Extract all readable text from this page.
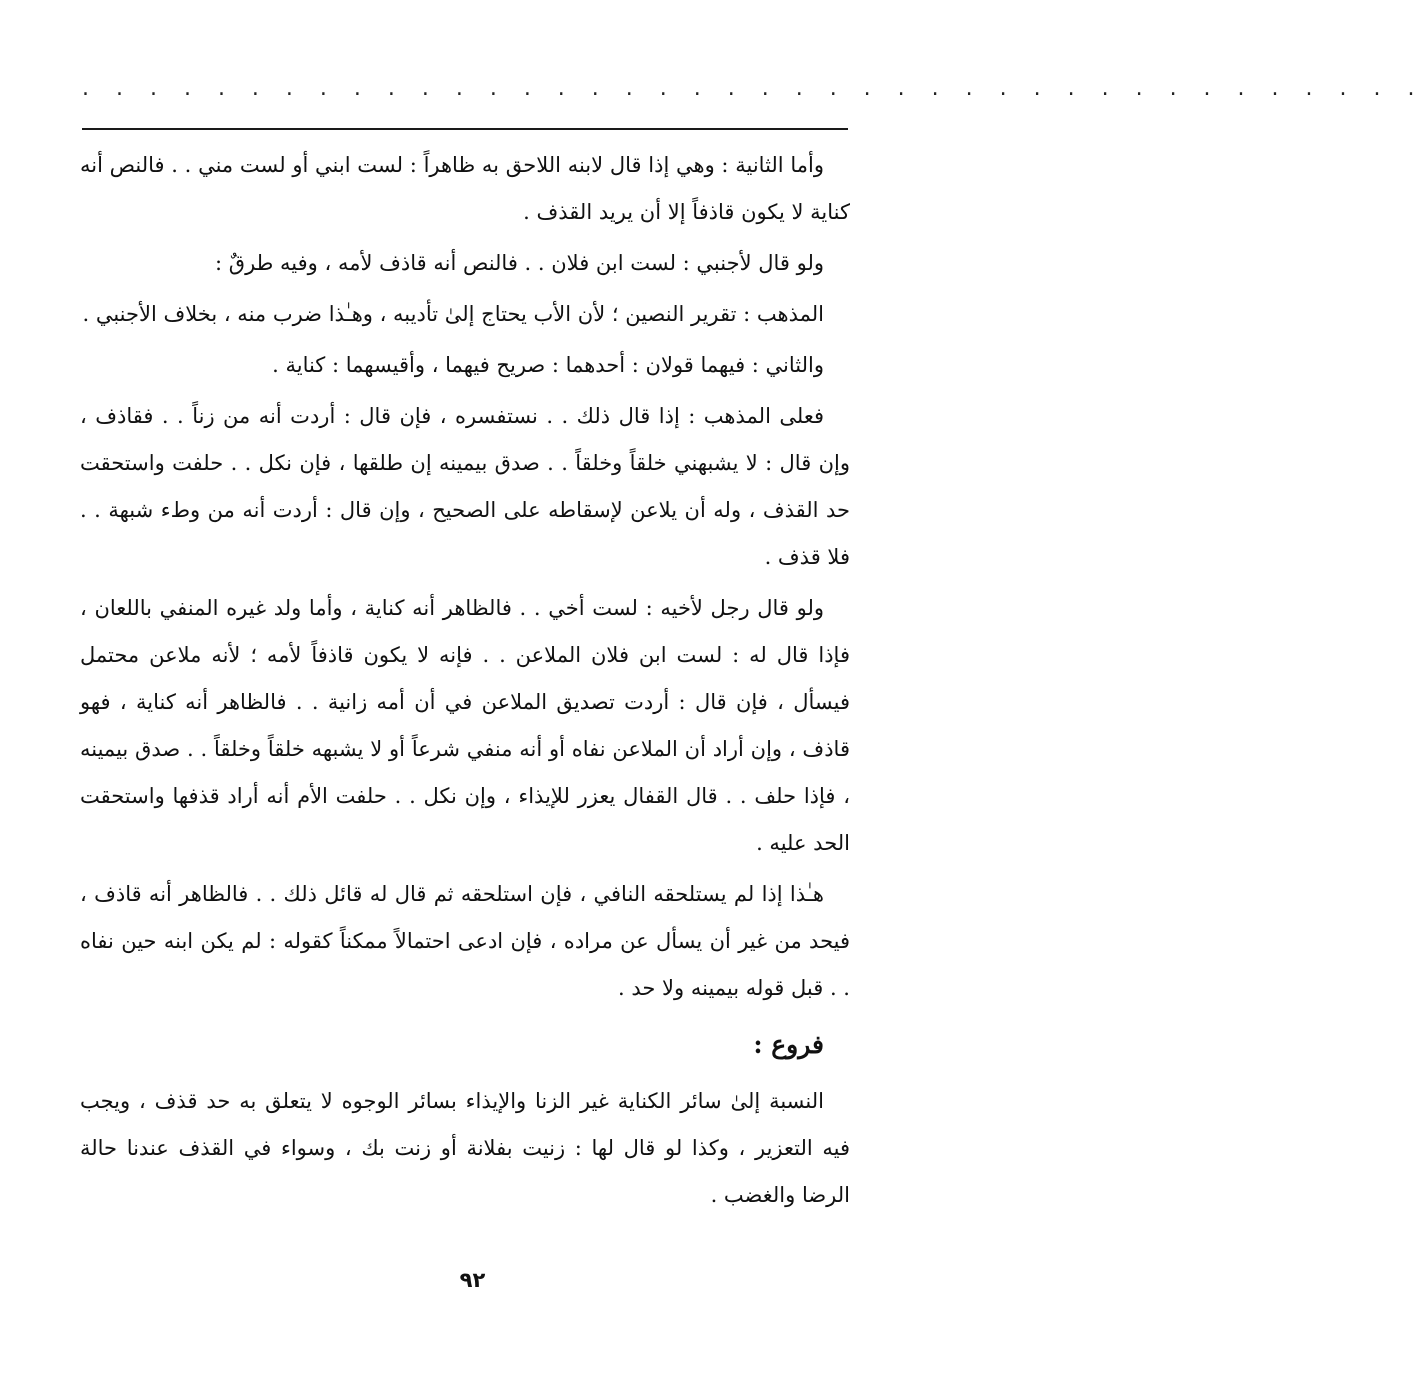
. . . . . . . . . . . . . . . . . . . . . . . . . . . . . . . . . . . . . . . .

وأما الثانية : وهي إذا قال لابنه اللاحق به ظاهراً : لست ابني أو لست مني . . فالنص أنه كناية لا يكون قاذفاً إلا أن يريد القذف .

ولو قال لأجنبي : لست ابن فلان . . فالنص أنه قاذف لأمه ، وفيه طرقٌ :

المذهب : تقرير النصين ؛ لأن الأب يحتاج إلىٰ تأديبه ، وهـٰذا ضرب منه ، بخلاف الأجنبي .

والثاني : فيهما قولان : أحدهما : صريح فيهما ، وأقيسهما : كناية .

فعلى المذهب : إذا قال ذلك . . نستفسره ، فإن قال : أردت أنه من زناً . . فقاذف ، وإن قال : لا يشبهني خلقاً وخلقاً . . صدق بيمينه إن طلقها ، فإن نكل . . حلفت واستحقت حد القذف ، وله أن يلاعن لإسقاطه على الصحيح ، وإن قال : أردت أنه من وطء شبهة . . فلا قذف .

ولو قال رجل لأخيه : لست أخي . . فالظاهر أنه كناية ، وأما ولد غيره المنفي باللعان ، فإذا قال له : لست ابن فلان الملاعن . . فإنه لا يكون قاذفاً لأمه ؛ لأنه ملاعن محتمل فيسأل ، فإن قال : أردت تصديق الملاعن في أن أمه زانية . . فالظاهر أنه كناية ، فهو قاذف ، وإن أراد أن الملاعن نفاه أو أنه منفي شرعاً أو لا يشبهه خلقاً وخلقاً . . صدق بيمينه ، فإذا حلف . . قال القفال يعزر للإيذاء ، وإن نكل . . حلفت الأم أنه أراد قذفها واستحقت الحد عليه .

هـٰذا إذا لم يستلحقه النافي ، فإن استلحقه ثم قال له قائل ذلك . . فالظاهر أنه قاذف ، فيحد من غير أن يسأل عن مراده ، فإن ادعى احتمالاً ممكناً كقوله : لم يكن ابنه حين نفاه . . قبل قوله بيمينه ولا حد .

فروع :

النسبة إلىٰ سائر الكناية غير الزنا والإيذاء بسائر الوجوه لا يتعلق به حد قذف ، ويجب فيه التعزير ، وكذا لو قال لها : زنيت بفلانة أو زنت بك ، وسواء في القذف عندنا حالة الرضا والغضب .

٩٢
